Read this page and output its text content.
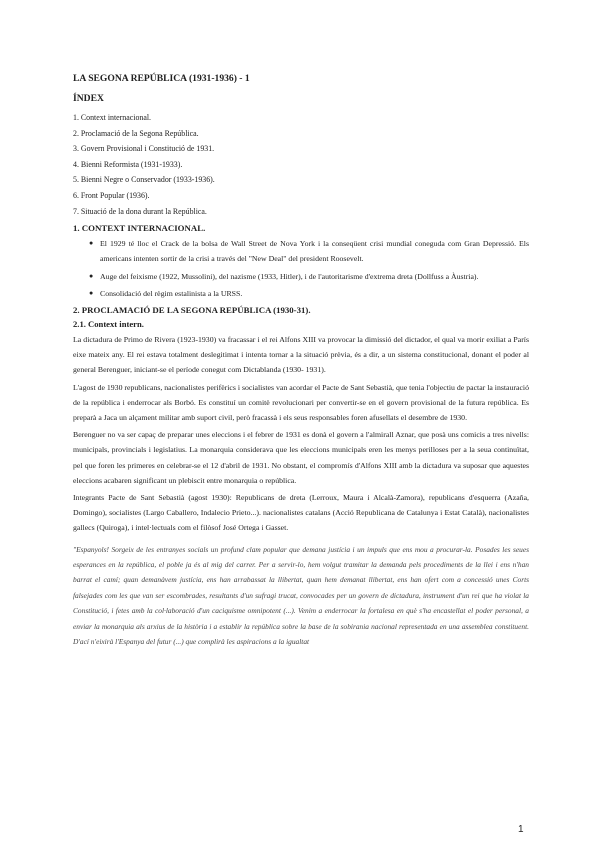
LA SEGONA REPÚBLICA (1931-1936) - 1
ÍNDEX
1. Context internacional.
2. Proclamació de la Segona República.
3. Govern Provisional i Constitució de 1931.
4. Bienni Reformista (1931-1933).
5. Bienni Negre o Conservador (1933-1936).
6. Front Popular (1936).
7. Situació de la dona durant la República.
1. CONTEXT INTERNACIONAL.
● El 1929 té lloc el Crack de la bolsa de Wall Street de Nova York i la conseqüent crisi mundial coneguda com Gran Depressió. Els americans intenten sortir de la crisi a través del "New Deal" del president Roosevelt.
● Auge del feixisme (1922, Mussolini), del nazisme (1933, Hitler), i de l'autoritarisme d'extrema dreta (Dollfuss a Àustria).
● Consolidació del règim estalinista a la URSS.
2. PROCLAMACIÓ DE LA SEGONA REPÚBLICA (1930-31).
2.1. Context intern.

La dictadura de Primo de Rivera (1923-1930) va fracassar i el rei Alfons XIII va provocar la dimissió del dictador, el qual va morir exiliat a París eixe mateix any. El rei estava totalment deslegitimat i intenta tornar a la situació prèvia, és a dir, a un sistema constitucional, donant el poder al general Berenguer, iniciant-se el període conegut com Dictablanda (1930- 1931).

L'agost de 1930 republicans, nacionalistes perifèrics i socialistes van acordar el Pacte de Sant Sebastià, que tenia l'objectiu de pactar la instauració de la república i enderrocar als Borbó. Es constituí un comitè revolucionari per convertir-se en el govern provisional de la futura república. Es preparà a Jaca un alçament militar amb suport civil, però fracassà i els seus responsables foren afusellats el desembre de 1930.

Berenguer no va ser capaç de preparar unes eleccions i el febrer de 1931 es donà el govern a l'almirall Aznar, que posà uns comicis a tres nivells: municipals, provincials i legislatius. La monarquia considerava que les eleccions municipals eren les menys perilloses per a la seua continuïtat, pel que foren les primeres en celebrar-se el 12 d'abril de 1931. No obstant, el compromís d'Alfons XIII amb la dictadura va suposar que aquestes eleccions acabaren significant un plebiscit entre monarquia o república.

Integrants Pacte de Sant Sebastià (agost 1930): Republicans de dreta (Lerroux, Maura i Alcalà-Zamora), republicans d'esquerra (Azaña, Domingo), socialistes (Largo Caballero, Indalecio Prieto...). nacionalistes catalans (Acció Republicana de Catalunya i Estat Català), nacionalistes gallecs (Quiroga), i intel·lectuals com el filòsof José Ortega i Gasset.

"Espanyols! Sorgeix de les entranyes socials un profund clam popular que demana justícia i un impuls que ens mou a procurar-la. Posades les seues esperances en la república, el poble ja és al mig del carrer. Per a servir-lo, hem volgut tramitar la demanda pels procediments de la llei i ens n'han barrat el camí; quan demanàvem justícia, ens han arrabassat la llibertat, quan hem demanat llibertat, ens han ofert com a concessió unes Corts falsejades com les que van ser escombrades, resultants d'un sufragi trucat, convocades per un govern de dictadura, instrument d'un rei que ha violat la Constitució, i fetes amb la col·laboració d'un caciquisme omnipotent (...). Venim a enderrocar la fortalesa en què s'ha encastellat el poder personal, a enviar la monarquia als arxius de la història i a establir la república sobre la base de la sobirania nacional representada en una assemblea constituent. D'ací n'eixirà l'Espanya del futur (...) que complirà les aspiracions a la igualtat

1
